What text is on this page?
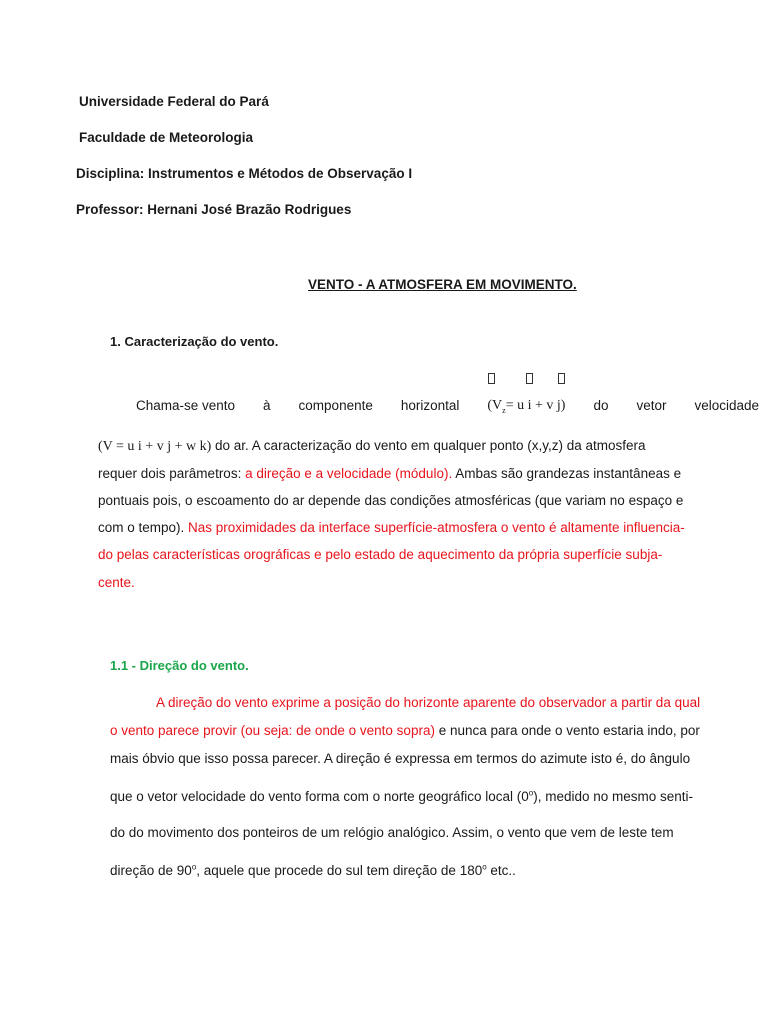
Universidade Federal do Pará
Faculdade de Meteorologia
Disciplina: Instrumentos e Métodos de Observação I
Professor: Hernani José Brazão Rodrigues
VENTO - A ATMOSFERA EM MOVIMENTO.
1. Caracterização do vento.
Chama-se vento à componente horizontal ($V_z= u$ i + v j) do vetor velocidade
(V = u i + v j + w k) do ar. A caracterização do vento em qualquer ponto (x,y,z) da atmosfera
requer dois parâmetros: a direção e a velocidade (módulo). Ambas são grandezas instantâneas e
pontuais pois, o escoamento do ar depende das condições atmosféricas (que variam no espaço e
com o tempo). Nas proximidades da interface superfície-atmosfera o vento é altamente influencia-
do pelas características orográficas e pelo estado de aquecimento da própria superfície subja-
cente.
1.1 - Direção do vento.
A direção do vento exprime a posição do horizonte aparente do observador a partir da qual
o vento parece provir (ou seja: de onde o vento sopra) e nunca para onde o vento estaria indo, por
mais óbvio que isso possa parecer. A direção é expressa em termos do azimute isto é, do ângulo
que o vetor velocidade do vento forma com o norte geográfico local (0$^o$), medido no mesmo senti-
do do movimento dos ponteiros de um relógio analógico. Assim, o vento que vem de leste tem
direção de 90$^o$, aquele que procede do sul tem direção de 180$^o$ etc..
